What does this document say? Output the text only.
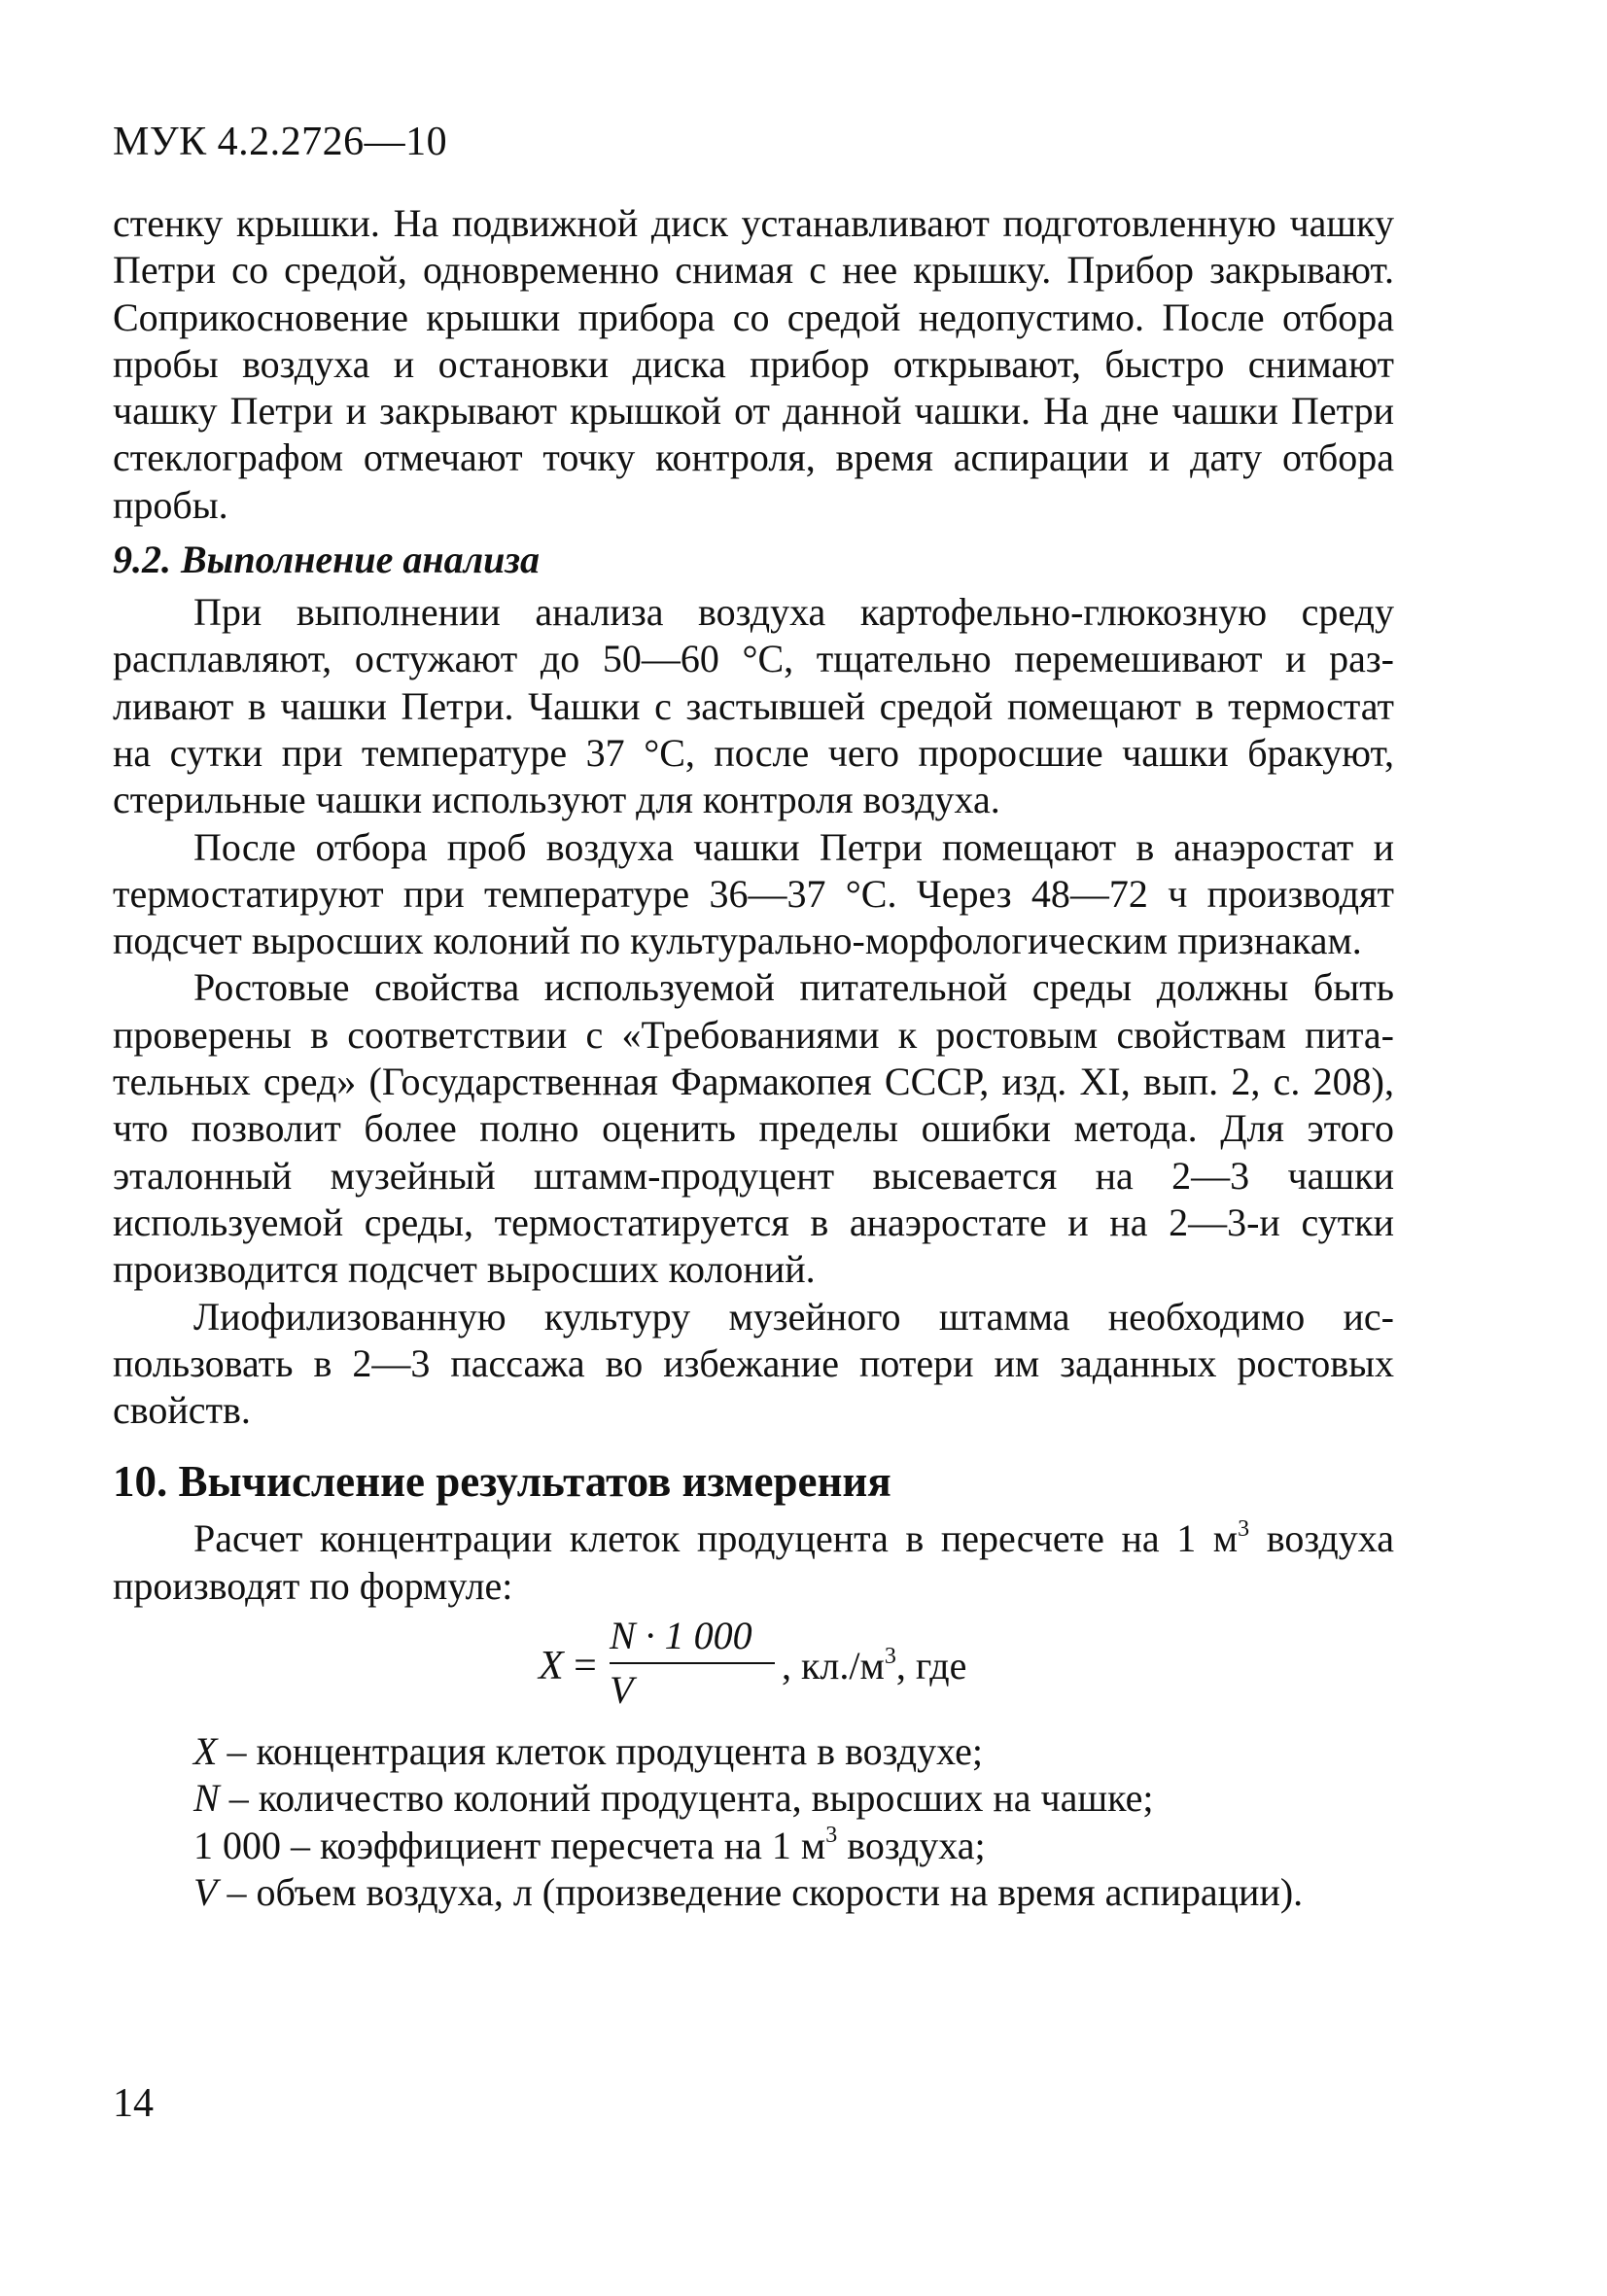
МУК 4.2.2726—10

стенку крышки. На подвижной диск устанавливают подготовленную чашку Петри со средой, одновременно снимая с нее крышку. Прибор закрывают. Соприкосновение крышки прибора со средой недопустимо. После отбора пробы воздуха и остановки диска прибор открывают, быстро снимают чашку Петри и закрывают крышкой от данной чашки. На дне чашки Петри стеклографом отмечают точку контроля, время аспирации и дату отбора пробы.

9.2. Выполнение анализа

При выполнении анализа воздуха картофельно-глюкозную среду расплавляют, остужают до 50—60 °С, тщательно перемешивают и разливают в чашки Петри. Чашки с застывшей средой помещают в термостат на сутки при температуре 37 °С, после чего проросшие чашки бракуют, стерильные чашки используют для контроля воздуха.

После отбора проб воздуха чашки Петри помещают в анаэростат и термостатируют при температуре 36—37 °С. Через 48—72 ч производят подсчет выросших колоний по культурально-морфологическим признакам.

Ростовые свойства используемой питательной среды должны быть проверены в соответствии с «Требованиями к ростовым свойствам питательных сред» (Государственная Фармакопея СССР, изд. XI, вып. 2, с. 208), что позволит более полно оценить пределы ошибки метода. Для этого эталонный музейный штамм-продуцент высевается на 2—3 чашки используемой среды, термостатируется в анаэростате и на 2—3-и сутки производится подсчет выросших колоний.

Лиофилизованную культуру музейного штамма необходимо использовать в 2—3 пассажа во избежание потери им заданных ростовых свойств.

10. Вычисление результатов измерения

Расчет концентрации клеток продуцента в пересчете на 1 $м^3$ воздуха производят по формуле:

X =
N · 1 000
V
, $кл./м^3$, где

X – концентрация клеток продуцента в воздухе;

N – количество колоний продуцента, выросших на чашке;

1 000 – коэффициент пересчета на 1 $м^3$ воздуха;

V – объем воздуха, л (произведение скорости на время аспирации).

14
